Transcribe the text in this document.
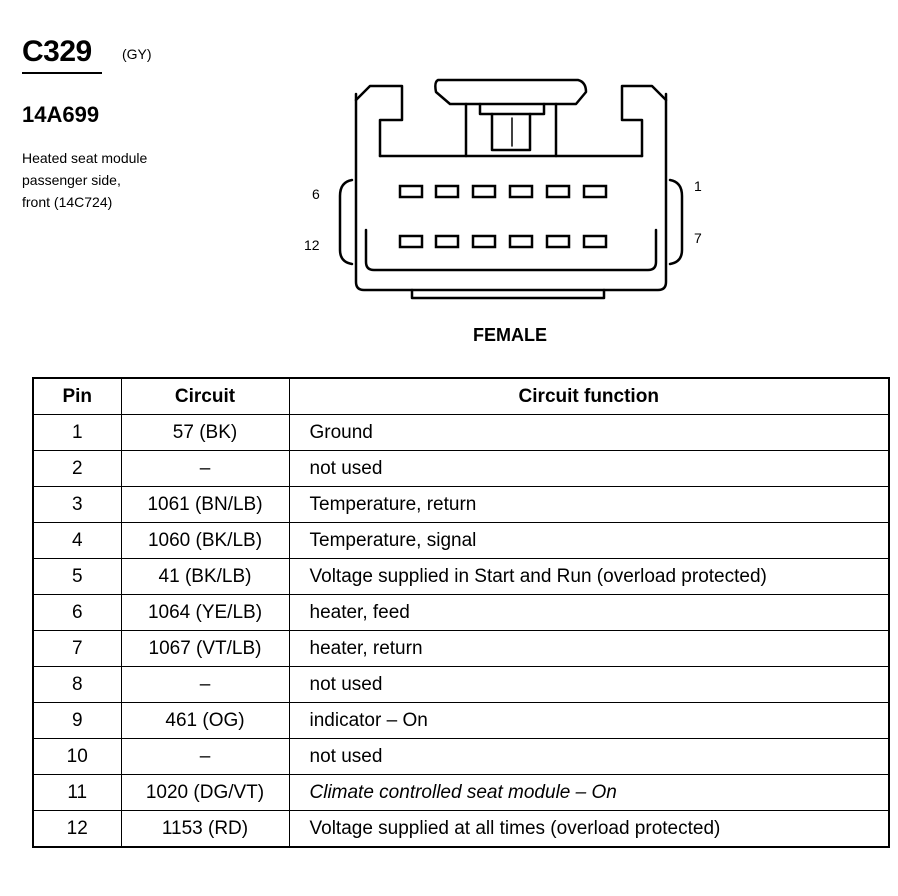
C329 (GY)
14A699
Heated seat module
passenger side,
front (14C724)	6
12
1
7
FEMALE
Pin	Circuit	Circuit function
1	57 (BK)	Ground
2	–	not used
3	1061 (BN/LB)	Temperature, return
4	1060 (BK/LB)	Temperature, signal
5	41 (BK/LB)	Voltage supplied in Start and Run (overload protected)
6	1064 (YE/LB)	heater, feed
7	1067 (VT/LB)	heater, return
8	–	not used
9	461 (OG)	indicator – On
10	–	not used
11	1020 (DG/VT)	Climate controlled seat module – On
12	1153 (RD)	Voltage supplied at all times (overload protected)
